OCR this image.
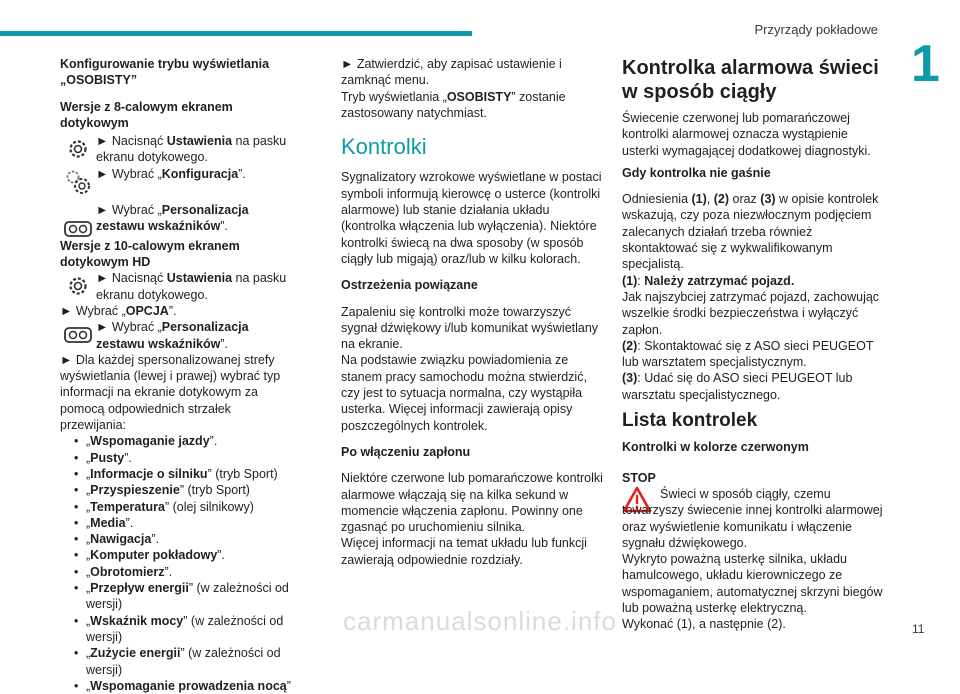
Przyrządy pokładowe
1
11

Konfigurowanie trybu wyświetlania „OSOBISTY”

Wersje z 8-calowym ekranem dotykowym

► Nacisnąć Ustawienia na pasku ekranu dotykowego.
► Wybrać „Konfiguracja”.
► Wybrać „Personalizacja zestawu wskaźników”.

Wersje z 10-calowym ekranem dotykowym HD

► Nacisnąć Ustawienia na pasku ekranu dotykowego.

► Wybrać „OPCJA”.

► Wybrać „Personalizacja zestawu wskaźników”.

► Dla każdej spersonalizowanej strefy wyświetlania (lewej i prawej) wybrać typ informacji na ekranie dotykowym za pomocą odpowiednich strzałek przewijania:

• „Wspomaganie jazdy”.
• „Pusty”.
• „Informacje o silniku” (tryb Sport)
• „Przyspieszenie” (tryb Sport)
• „Temperatura” (olej silnikowy)
• „Media”.
• „Nawigacja”.
• „Komputer pokładowy”.
• „Obrotomierz”.
• „Przepływ energii” (w zależności od wersji)
• „Wskaźnik mocy” (w zależności od wersji)
• „Zużycie energii” (w zależności od wersji)
• „Wspomaganie prowadzenia nocą”

► Zatwierdzić, aby zapisać ustawienie i zamknąć menu.

Tryb wyświetlania „OSOBISTY” zostanie zastosowany natychmiast.

Kontrolki

Sygnalizatory wzrokowe wyświetlane w postaci symboli informują kierowcę o usterce (kontrolki alarmowe) lub stanie działania układu (kontrolka włączenia lub wyłączenia). Niektóre kontrolki świecą na dwa sposoby (w sposób ciągły lub migają) oraz/lub w kilku kolorach.

Ostrzeżenia powiązane

Zapaleniu się kontrolki może towarzyszyć sygnał dźwiękowy i/lub komunikat wyświetlany na ekranie.

Na podstawie związku powiadomienia ze stanem pracy samochodu można stwierdzić, czy jest to sytuacja normalna, czy wystąpiła usterka. Więcej informacji zawierają opisy poszczególnych kontrolek.

Po włączeniu zapłonu

Niektóre czerwone lub pomarańczowe kontrolki alarmowe włączają się na kilka sekund w momencie włączenia zapłonu. Powinny one zgasnąć po uruchomieniu silnika.

Więcej informacji na temat układu lub funkcji zawierają odpowiednie rozdziały.

Kontrolka alarmowa świeci w sposób ciągły

Świecenie czerwonej lub pomarańczowej kontrolki alarmowej oznacza wystąpienie usterki wymagającej dodatkowej diagnostyki.

Gdy kontrolka nie gaśnie

Odniesienia (1), (2) oraz (3) w opisie kontrolek wskazują, czy poza niezwłocznym podjęciem zalecanych działań trzeba również skontaktować się z wykwalifikowanym specjalistą.

(1): Należy zatrzymać pojazd.

Jak najszybciej zatrzymać pojazd, zachowując wszelkie środki bezpieczeństwa i wyłączyć zapłon.

(2): Skontaktować się z ASO sieci PEUGEOT lub warsztatem specjalistycznym.

(3): Udać się do ASO sieci PEUGEOT lub warsztatu specjalistycznego.

Lista kontrolek

Kontrolki w kolorze czerwonym

STOP

Świeci w sposób ciągły, czemu towarzyszy świecenie innej kontrolki alarmowej oraz wyświetlenie komunikatu i włączenie sygnału dźwiękowego.

Wykryto poważną usterkę silnika, układu hamulcowego, układu kierowniczego ze wspomaganiem, automatycznej skrzyni biegów lub poważną usterkę elektryczną.

Wykonać (1), a następnie (2).

carmanualsonline.info
